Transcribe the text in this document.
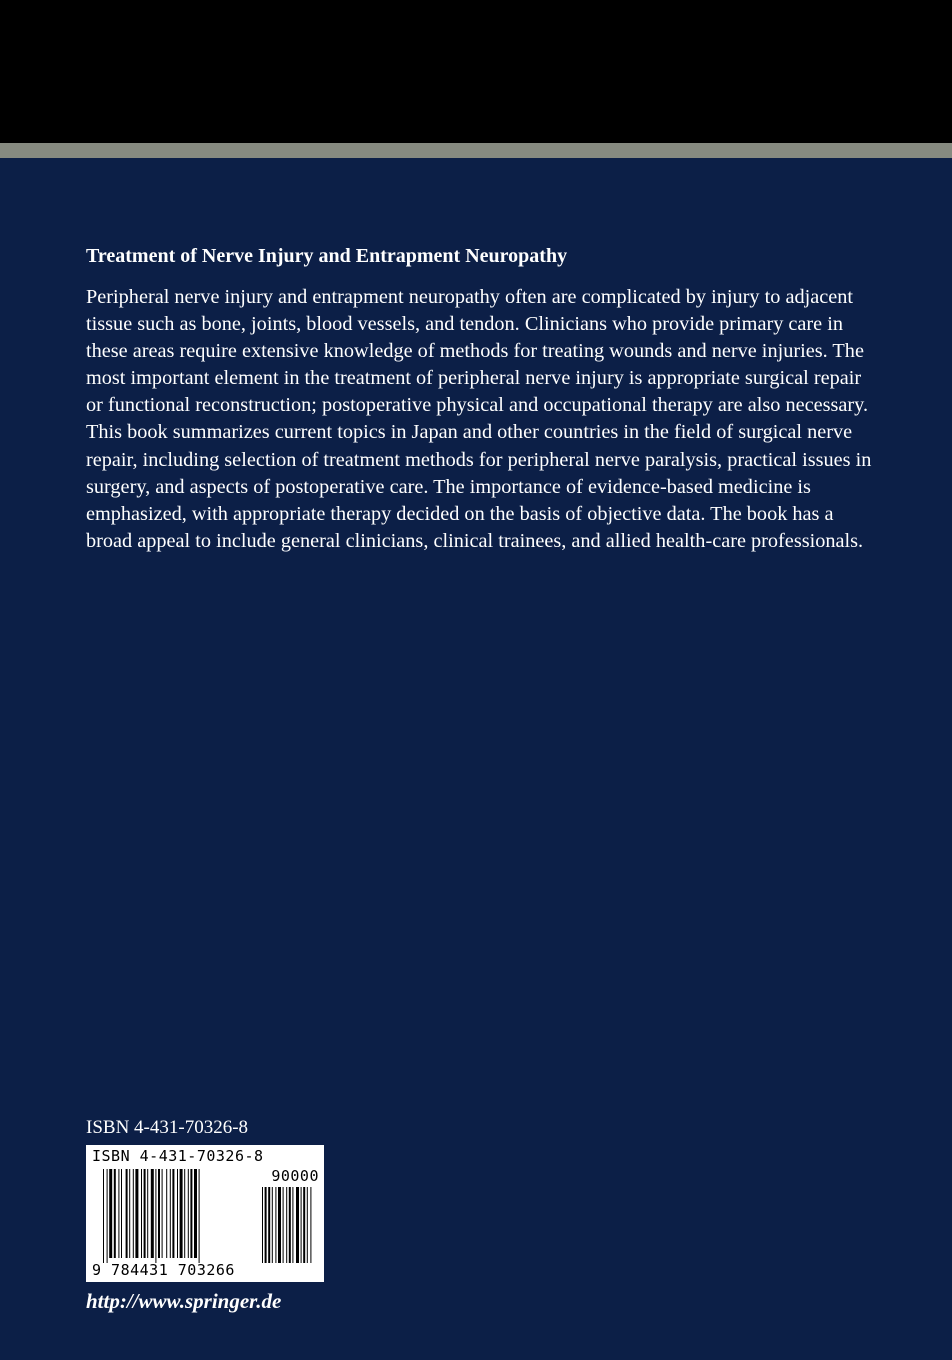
Treatment of Nerve Injury and Entrapment Neuropathy

Peripheral nerve injury and entrapment neuropathy often are complicated by injury to adjacent tissue such as bone, joints, blood vessels, and tendon. Clinicians who provide primary care in these areas require extensive knowledge of methods for treating wounds and nerve injuries. The most important element in the treatment of peripheral nerve injury is appropriate surgical repair or functional reconstruction; postoperative physical and occupational therapy are also necessary. This book summarizes current topics in Japan and other countries in the field of surgical nerve repair, including selection of treatment methods for peripheral nerve paralysis, practical issues in surgery, and aspects of postoperative care. The importance of evidence-based medicine is emphasized, with appropriate therapy decided on the basis of objective data. The book has a broad appeal to include general clinicians, clinical trainees, and allied health-care professionals.

ISBN 4-431-70326-8

ISBN 4-431-70326-8
90000
9 784431 703266

http://www.springer.de
